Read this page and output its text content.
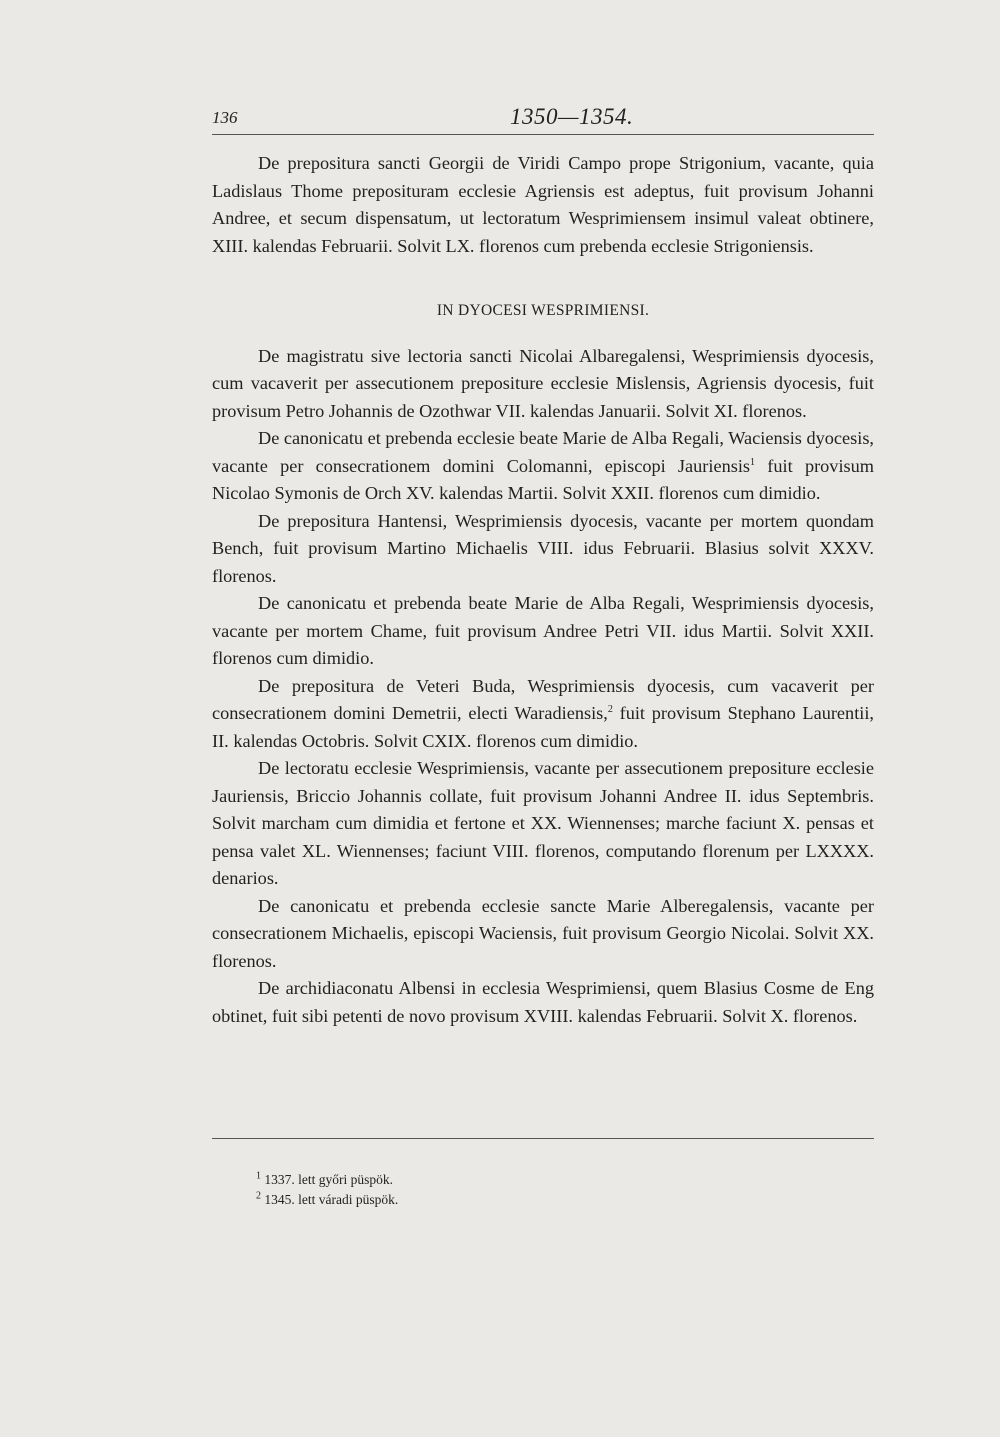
136	1350—1354.

De prepositura sancti Georgii de Viridi Campo prope Strigonium, vacante, quia Ladislaus Thome preposituram ecclesie Agriensis est adeptus, fuit provisum Johanni Andree, et secum dispensatum, ut lectoratum Wesprimiensem insimul valeat obtinere, XIII. kalendas Februarii. Solvit LX. florenos cum prebenda ecclesie Strigoniensis.

IN DYOCESI WESPRIMIENSI.

De magistratu sive lectoria sancti Nicolai Albaregalensi, Wesprimiensis dyocesis, cum vacaverit per assecutionem prepositure ecclesie Mislensis, Agriensis dyocesis, fuit provisum Petro Johannis de Ozothwar VII. kalendas Januarii. Solvit XI. florenos.

De canonicatu et prebenda ecclesie beate Marie de Alba Regali, Waciensis dyocesis, vacante per consecrationem domini Colomanni, episcopi Jauriensis$^1$ fuit provisum Nicolao Symonis de Orch XV. kalendas Martii. Solvit XXII. florenos cum dimidio.

De prepositura Hantensi, Wesprimiensis dyocesis, vacante per mortem quondam Bench, fuit provisum Martino Michaelis VIII. idus Februarii. Blasius solvit XXXV. florenos.

De canonicatu et prebenda beate Marie de Alba Regali, Wesprimiensis dyocesis, vacante per mortem Chame, fuit provisum Andree Petri VII. idus Martii. Solvit XXII. florenos cum dimidio.

De prepositura de Veteri Buda, Wesprimiensis dyocesis, cum vacaverit per consecrationem domini Demetrii, electi Waradiensis,$^2$ fuit provisum Stephano Laurentii, II. kalendas Octobris. Solvit CXIX. florenos cum dimidio.

De lectoratu ecclesie Wesprimiensis, vacante per assecutionem prepositure ecclesie Jauriensis, Briccio Johannis collate, fuit provisum Johanni Andree II. idus Septembris. Solvit marcham cum dimidia et fertone et XX. Wiennenses; marche faciunt X. pensas et pensa valet XL. Wiennenses; faciunt VIII. florenos, computando florenum per LXXXX. denarios.

De canonicatu et prebenda ecclesie sancte Marie Alberegalensis, vacante per consecrationem Michaelis, episcopi Waciensis, fuit provisum Georgio Nicolai. Solvit XX. florenos.

De archidiaconatu Albensi in ecclesia Wesprimiensi, quem Blasius Cosme de Eng obtinet, fuit sibi petenti de novo provisum XVIII. kalendas Februarii. Solvit X. florenos.

$^1$ 1337. lett győri püspök.
$^2$ 1345. lett váradi püspök.
